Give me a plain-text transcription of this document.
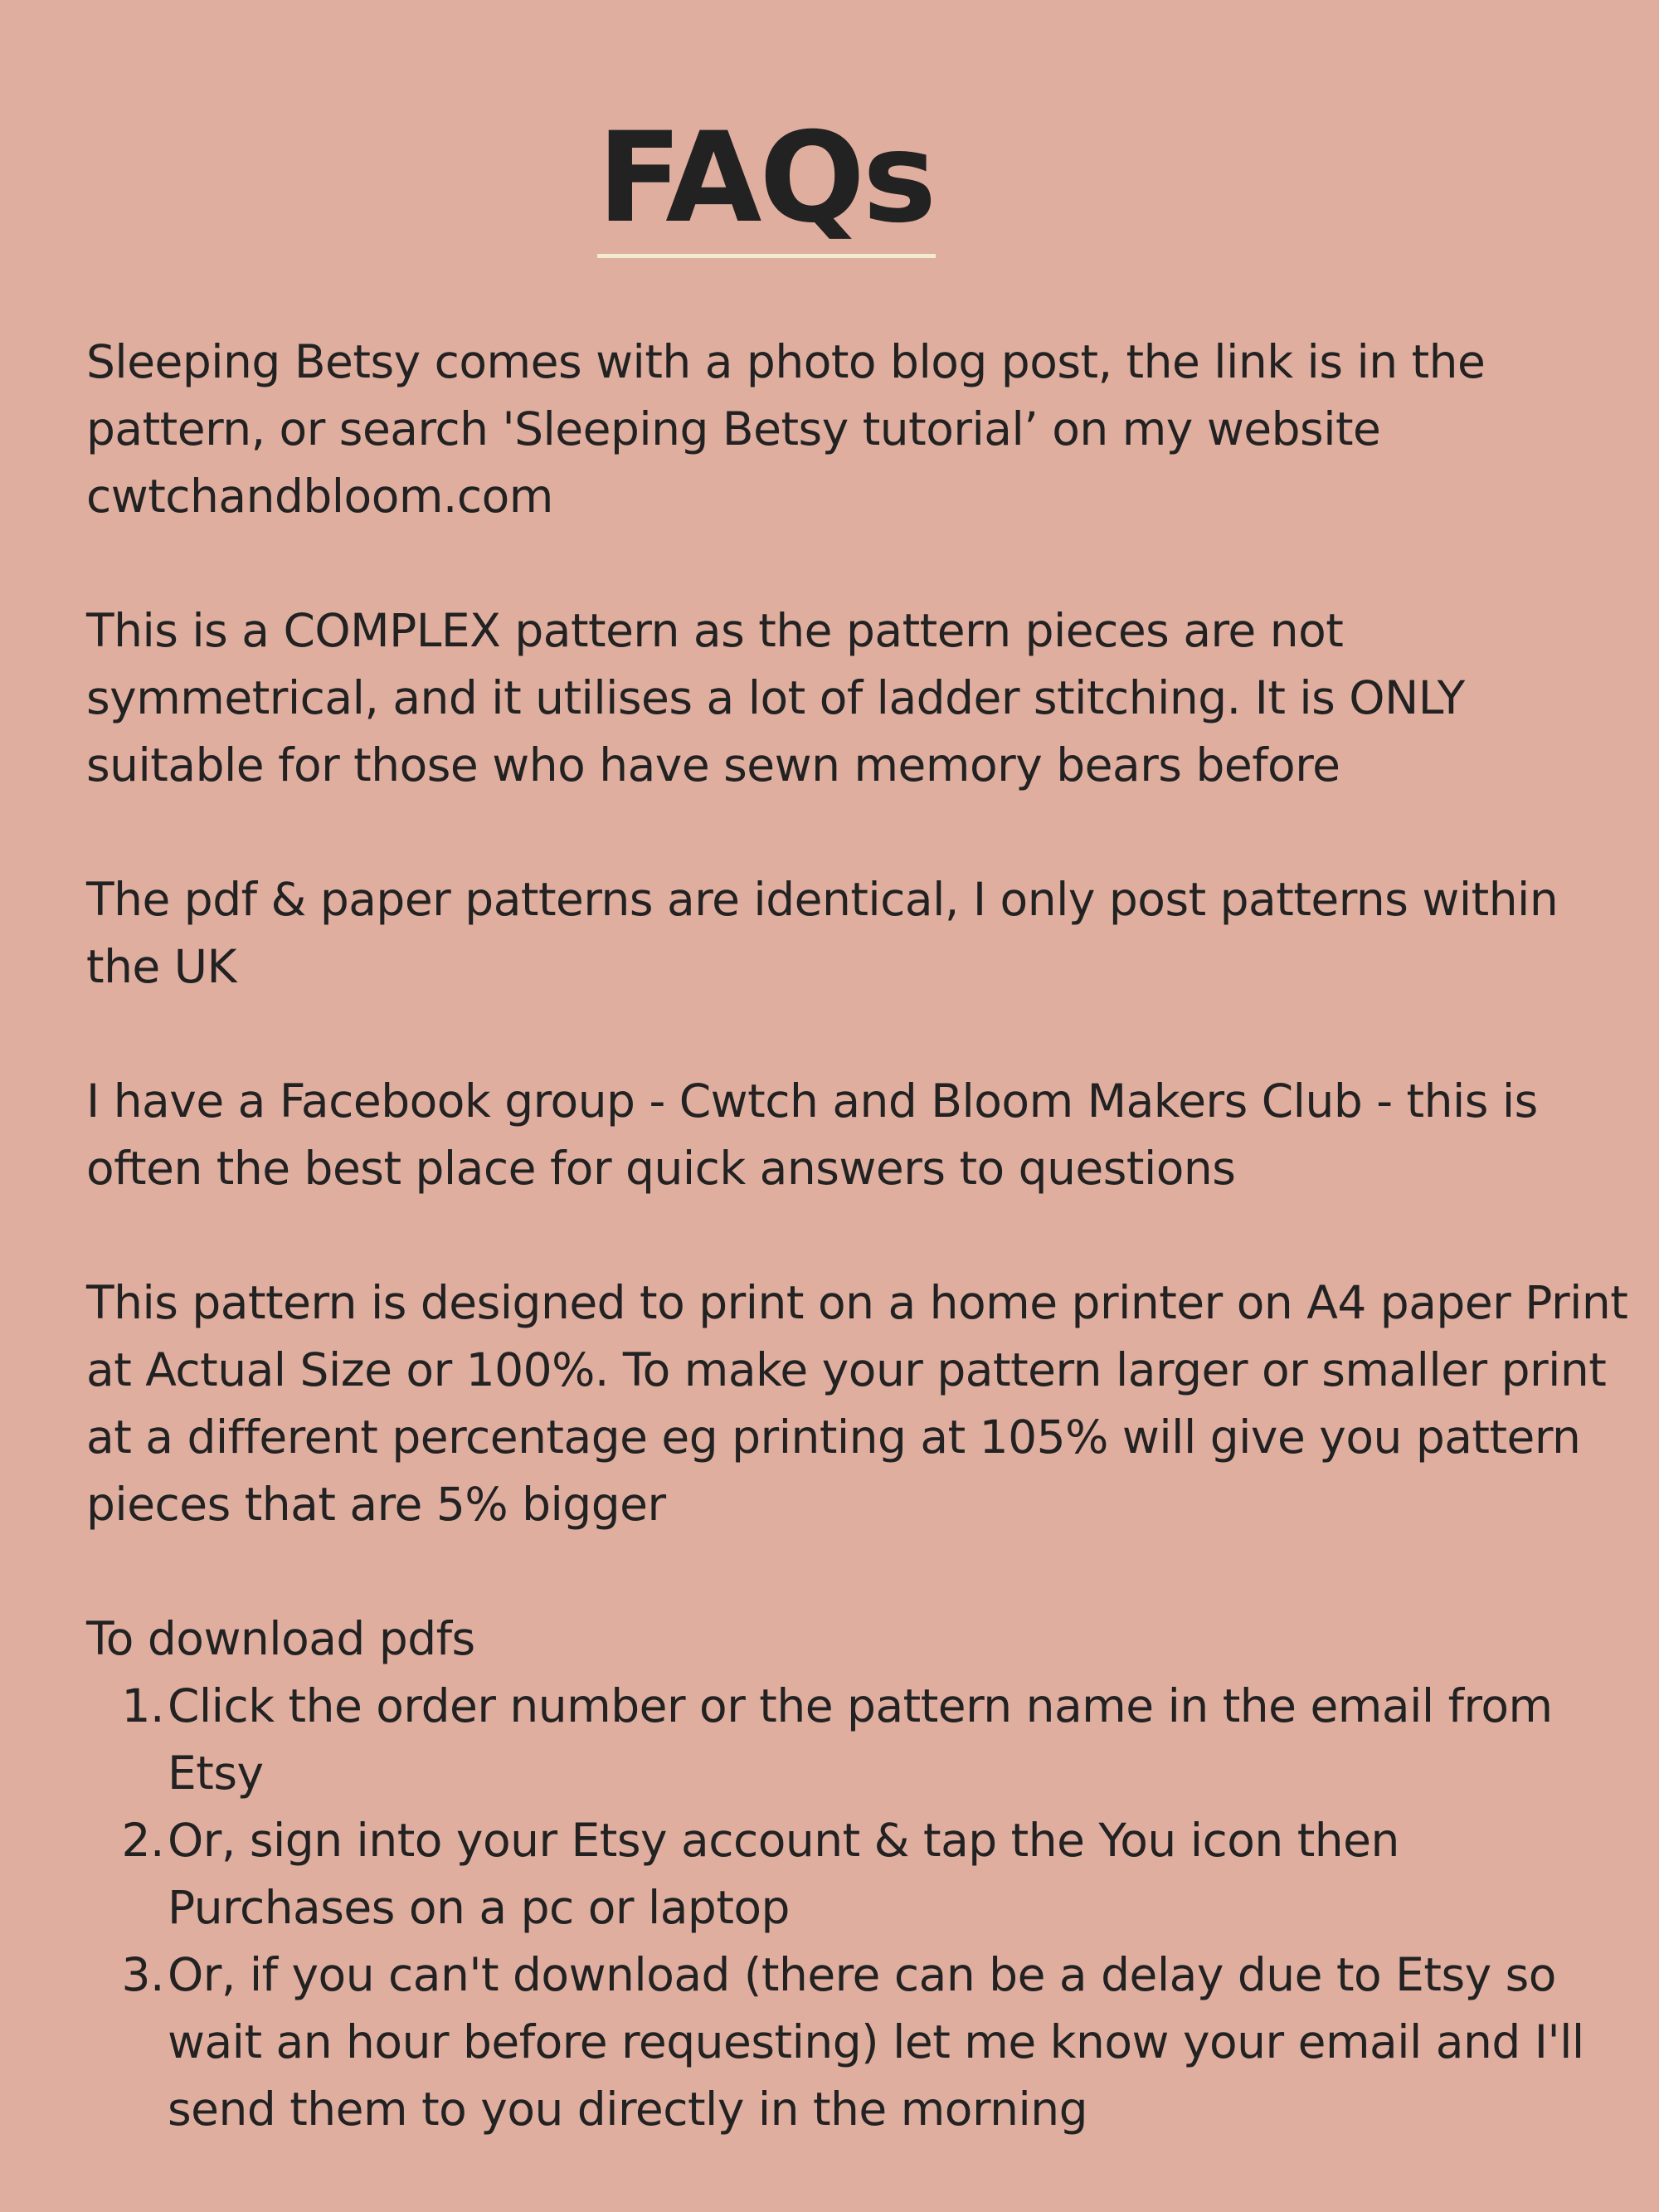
FAQs

Sleeping Betsy comes with a photo blog post, the link is in the pattern, or search 'Sleeping Betsy tutorial’ on my website cwtchandbloom.com

This is a COMPLEX pattern as the pattern pieces are not symmetrical, and it utilises a lot of ladder stitching. It is ONLY suitable for those who have sewn memory bears before

The pdf & paper patterns are identical, I only post patterns within the UK

I have a Facebook group - Cwtch and Bloom Makers Club - this is often the best place for quick answers to questions

This pattern is designed to print on a home printer on A4 paper Print at Actual Size or 100%. To make your pattern larger or smaller print at a different percentage eg printing at 105% will give you pattern pieces that are 5% bigger

To download pdfs

1. Click the order number or the pattern name in the email from Etsy
2. Or, sign into your Etsy account & tap the You icon then Purchases on a pc or laptop
3. Or, if you can't download (there can be a delay due to Etsy so wait an hour before requesting) let me know your email and I'll send them to you directly in the morning
